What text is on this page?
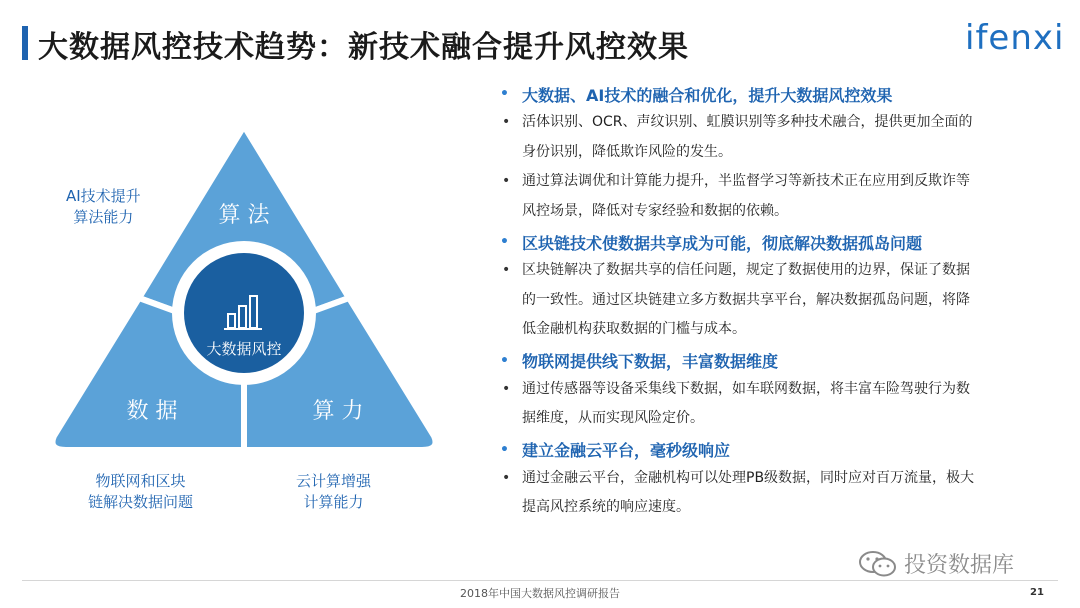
大数据风控技术趋势：新技术融合提升风控效果	ifenxi
大数据风控
算 法
数 据	算 力
AI技术提升
算法能力
物联网和区块
链解决数据问题
云计算增强
计算能力
• 大数据、AI技术的融合和优化，提升大数据风控效果
• 活体识别、OCR、声纹识别、虹膜识别等多种技术融合，提供更加全面的
身份识别，降低欺诈风险的发生。
• 通过算法调优和计算能力提升，半监督学习等新技术正在应用到反欺诈等
风控场景，降低对专家经验和数据的依赖。
• 区块链技术使数据共享成为可能，彻底解决数据孤岛问题
• 区块链解决了数据共享的信任问题，规定了数据使用的边界，保证了数据
的一致性。通过区块链建立多方数据共享平台，解决数据孤岛问题，将降
低金融机构获取数据的门槛与成本。
• 物联网提供线下数据，丰富数据维度
• 通过传感器等设备采集线下数据，如车联网数据，将丰富车险驾驶行为数
据维度，从而实现风险定价。
• 建立金融云平台，毫秒级响应
• 通过金融云平台，金融机构可以处理PB级数据，同时应对百万流量，极大
提高风控系统的响应速度。
投资数据库
2018年中国大数据风控调研报告	21
